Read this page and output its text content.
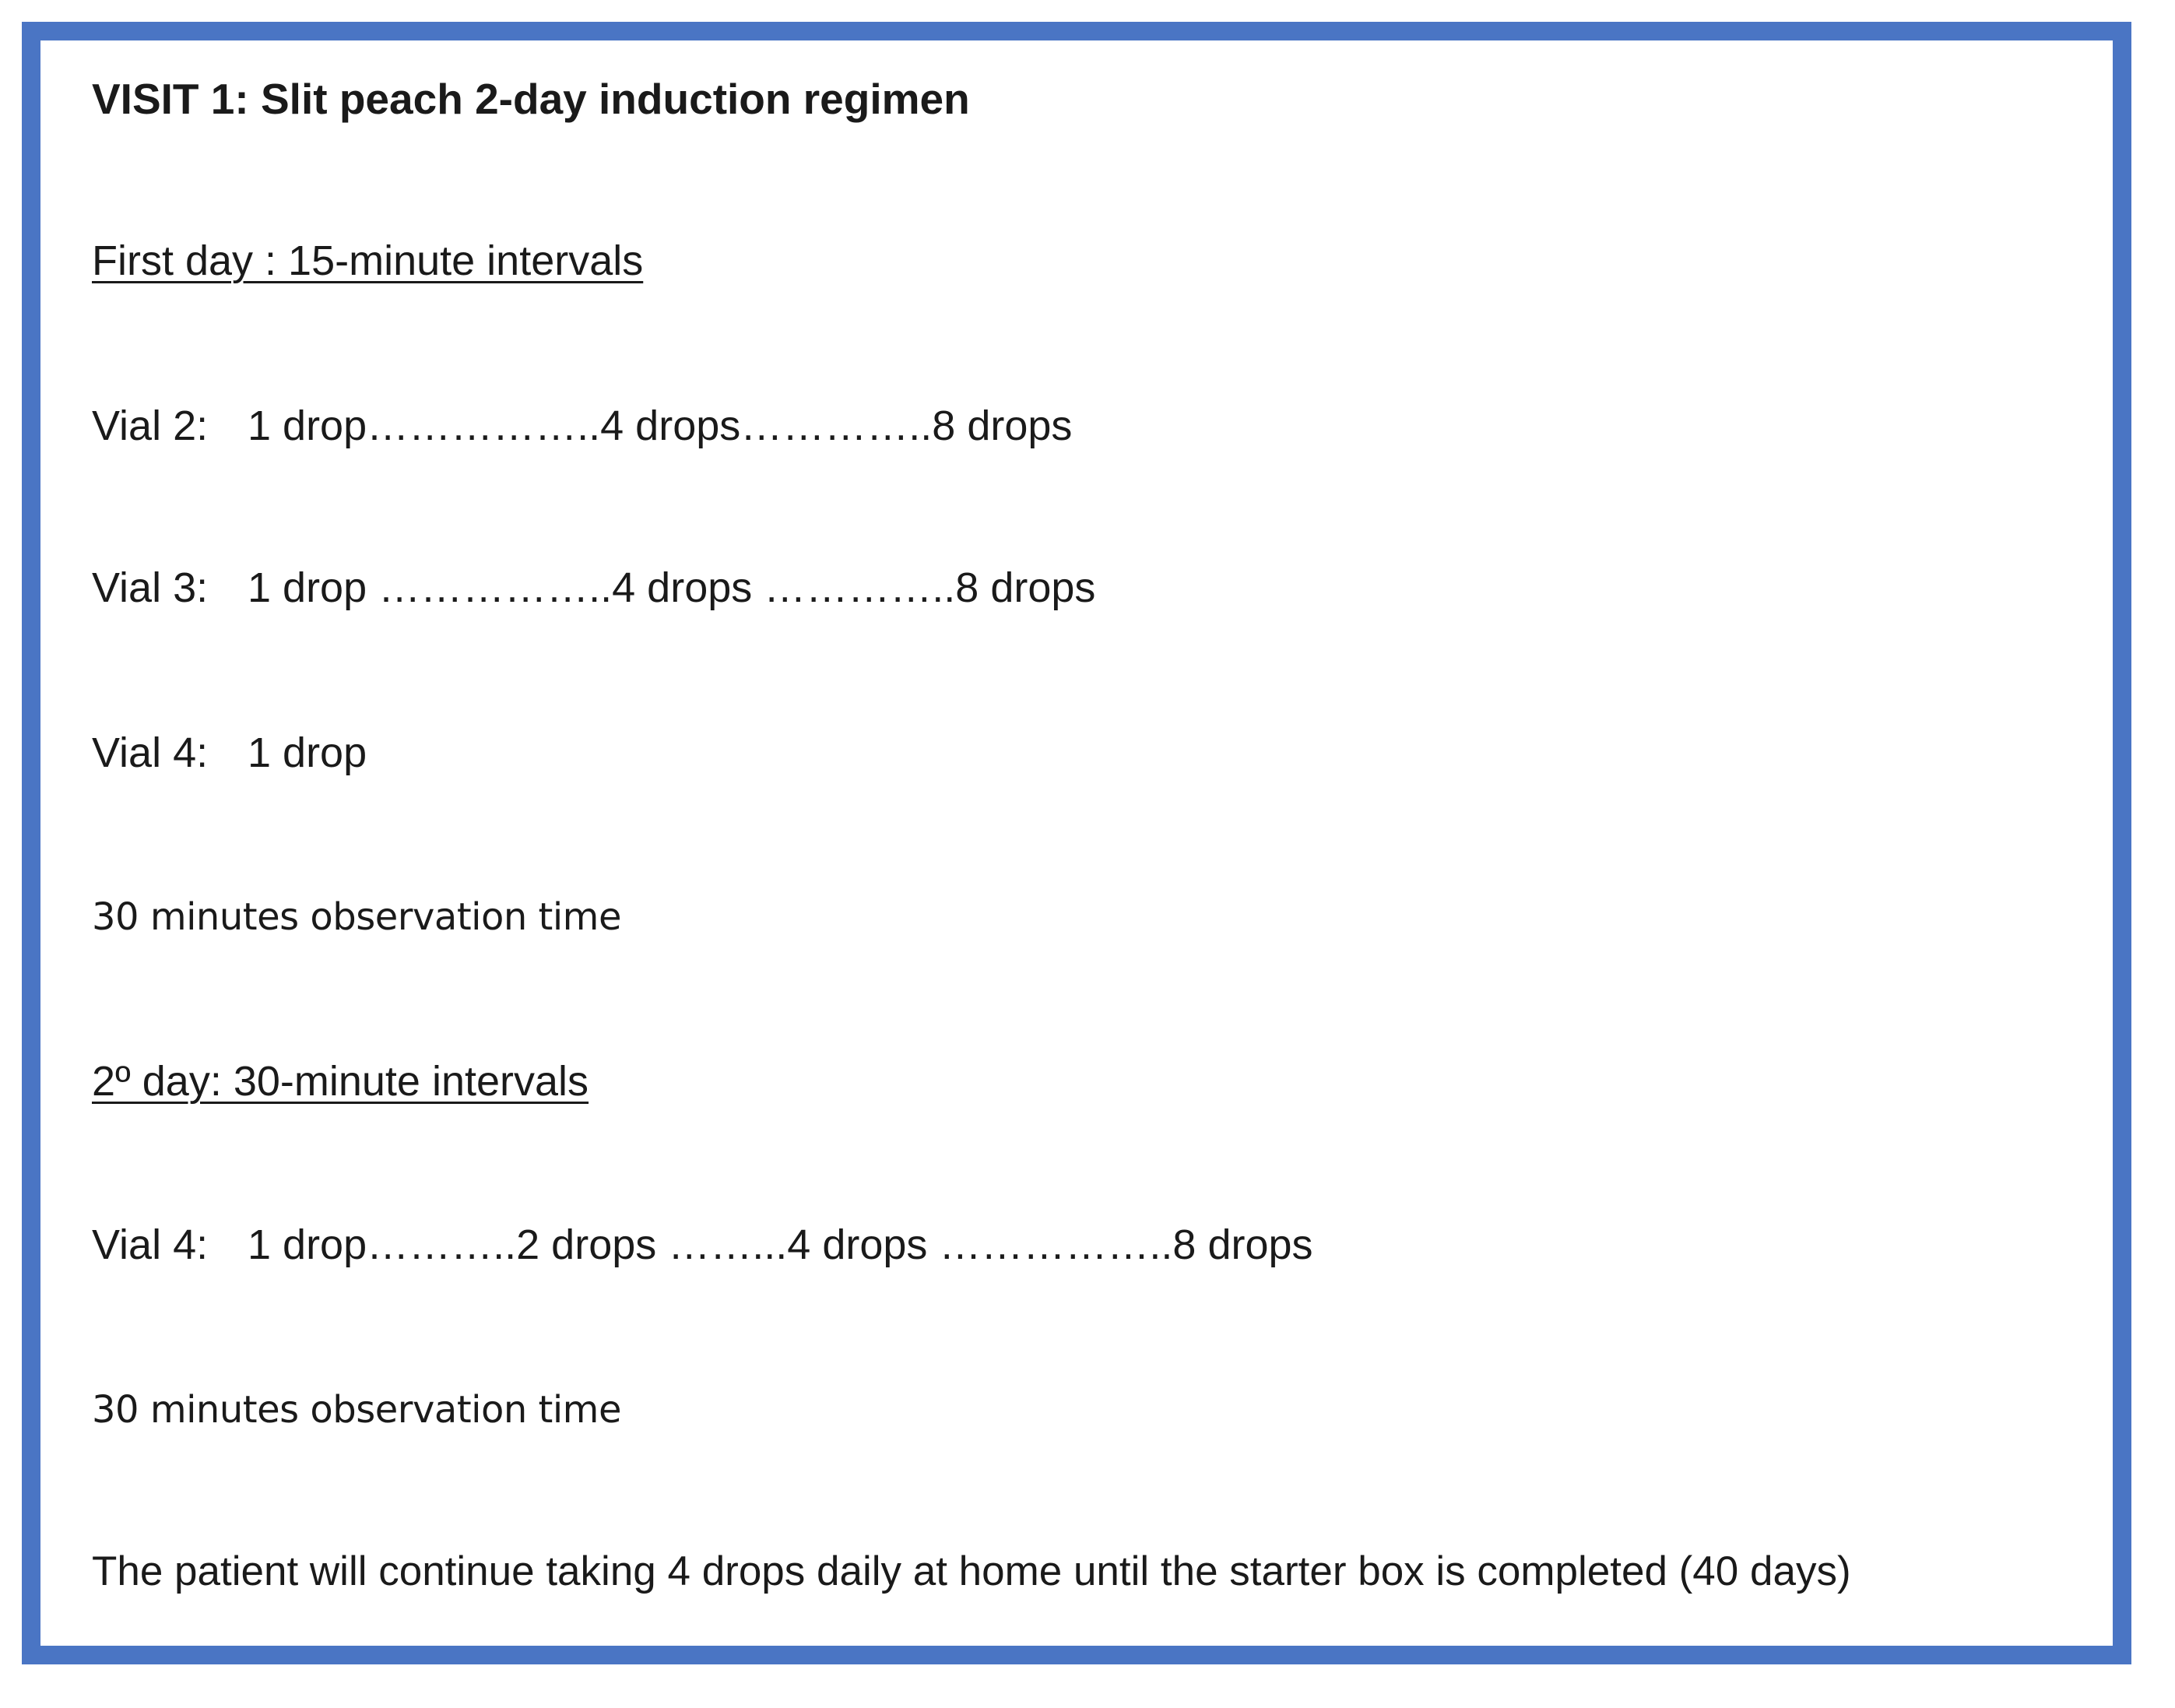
VISIT 1: Slit peach 2-day induction regimen
First day : 15-minute intervals
Vial 2: 1 drop……………..4 drops…………..8 drops
Vial 3: 1 drop ……………..4 drops …………..8 drops
Vial 4: 1 drop
30 minutes observation time
2º day: 30-minute intervals
Vial 4: 1 drop………..2 drops ……...4 drops ……………..8 drops
30 minutes observation time
The patient will continue taking 4 drops daily at home until the starter box is completed (40 days)
